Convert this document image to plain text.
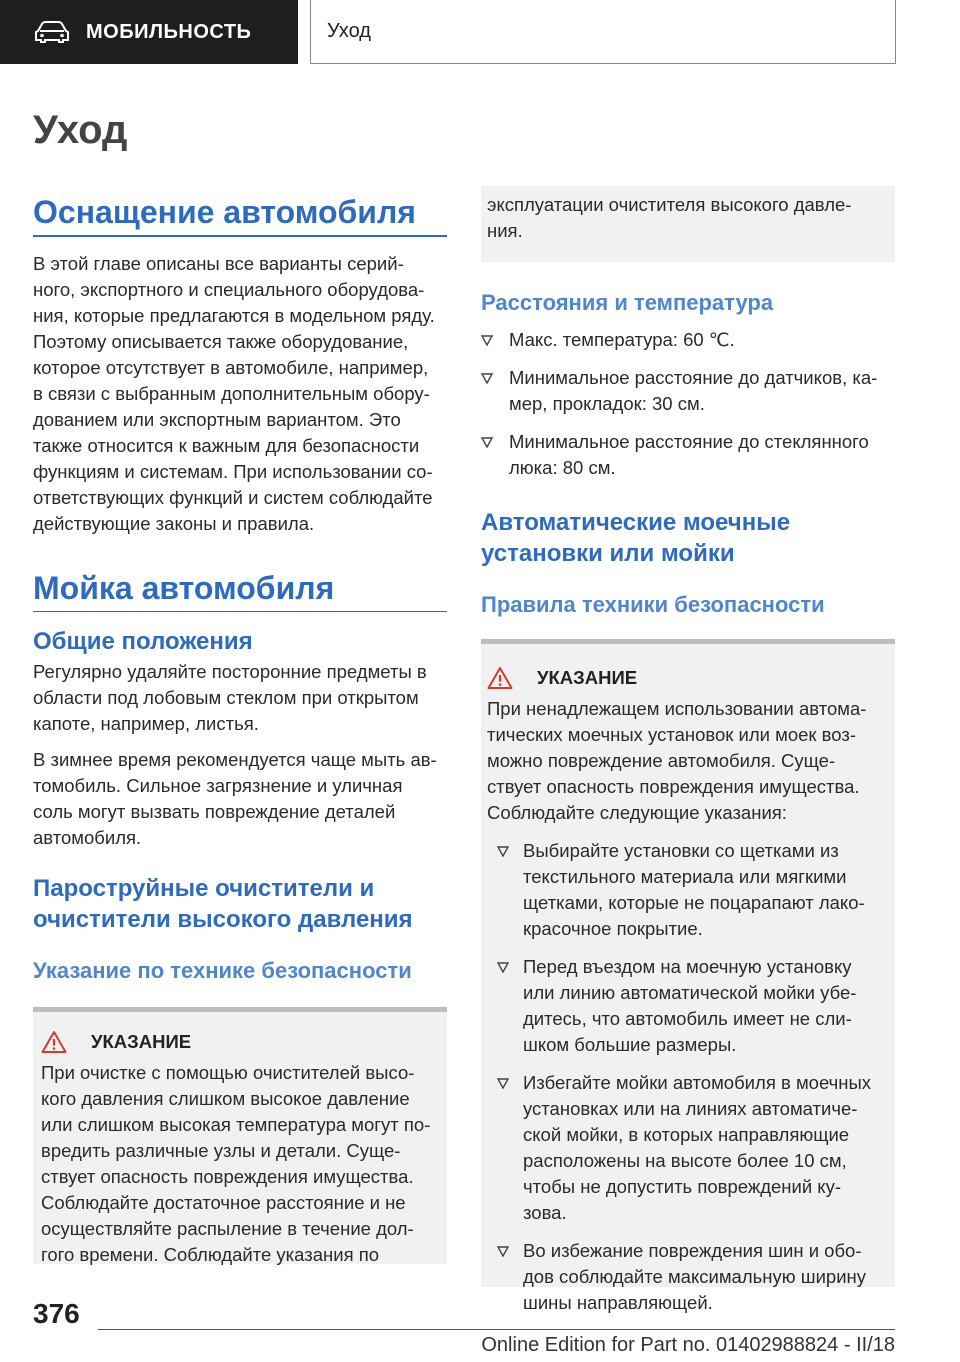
МОБИЛЬНОСТЬ	Уход
Уход
Оснащение автомобиля

В этой главе описаны все варианты серий-
ного, экспортного и специального оборудова-
ния, которые предлагаются в модельном ряду.
Поэтому описывается также оборудование,
которое отсутствует в автомобиле, например,
в связи с выбранным дополнительным обору-
дованием или экспортным вариантом. Это
также относится к важным для безопасности
функциям и системам. При использовании со-
ответствующих функций и систем соблюдайте
действующие законы и правила.

Мойка автомобиля
Общие положения

Регулярно удаляйте посторонние предметы в
области под лобовым стеклом при открытом
капоте, например, листья.

В зимнее время рекомендуется чаще мыть ав-
томобиль. Сильное загрязнение и уличная
соль могут вызвать повреждение деталей
автомобиля.

Пароструйные очистители и
очистители высокого давления
Указание по технике безопасности
УКАЗАНИЕ

При очистке с помощью очистителей высо-
кого давления слишком высокое давление
или слишком высокая температура могут по-
вредить различные узлы и детали. Суще-
ствует опасность повреждения имущества.
Соблюдайте достаточное расстояние и не
осуществляйте распыление в течение дол-
гого времени. Соблюдайте указания по

эксплуатации очистителя высокого давле-
ния.

Расстояния и температура
Макс. температура: 60 ℃.
Минимальное расстояние до датчиков, ка-
мер, прокладок: 30 см.
Минимальное расстояние до стеклянного
люка: 80 см.
Автоматические моечные
установки или мойки
Правила техники безопасности
УКАЗАНИЕ

При ненадлежащем использовании автома-
тических моечных установок или моек воз-
можно повреждение автомобиля. Суще-
ствует опасность повреждения имущества.
Соблюдайте следующие указания:

Выбирайте установки со щетками из
текстильного материала или мягкими
щетками, которые не поцарапают лако-
красочное покрытие.
Перед въездом на моечную установку
или линию автоматической мойки убе-
дитесь, что автомобиль имеет не сли-
шком большие размеры.
Избегайте мойки автомобиля в моечных
установках или на линиях автоматиче-
ской мойки, в которых направляющие
расположены на высоте более 10 см,
чтобы не допустить повреждений ку-
зова.
Во избежание повреждения шин и обо-
дов соблюдайте максимальную ширину
шины направляющей.
376
Online Edition for Part no. 01402988824 - II/18
